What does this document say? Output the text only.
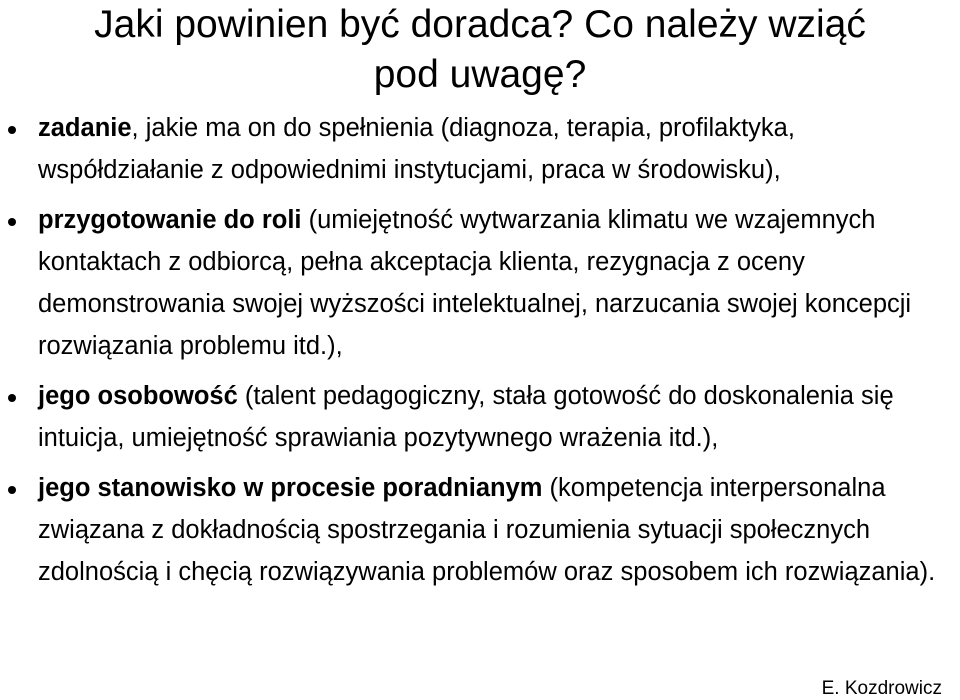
Jaki powinien być doradca? Co należy wziąć
pod uwagę?
zadanie, jakie ma on do spełnienia (diagnoza, terapia, profilaktyka, współdziałanie z odpowiednimi instytucjami, praca w środowisku),
przygotowanie do roli (umiejętność wytwarzania klimatu we wzajemnych kontaktach z odbiorcą, pełna akceptacja klienta, rezygnacja z oceny demonstrowania swojej wyższości intelektualnej, narzucania swojej koncepcji rozwiązania problemu itd.),
jego osobowość (talent pedagogiczny, stała gotowość do doskonalenia się intuicja, umiejętność sprawiania pozytywnego wrażenia itd.),
jego stanowisko w procesie poradnianym (kompetencja interpersonalna związana z dokładnością spostrzegania i rozumienia sytuacji społecznych zdolnością i chęcią rozwiązywania problemów oraz sposobem ich rozwiązania).
E. Kozdrowicz
